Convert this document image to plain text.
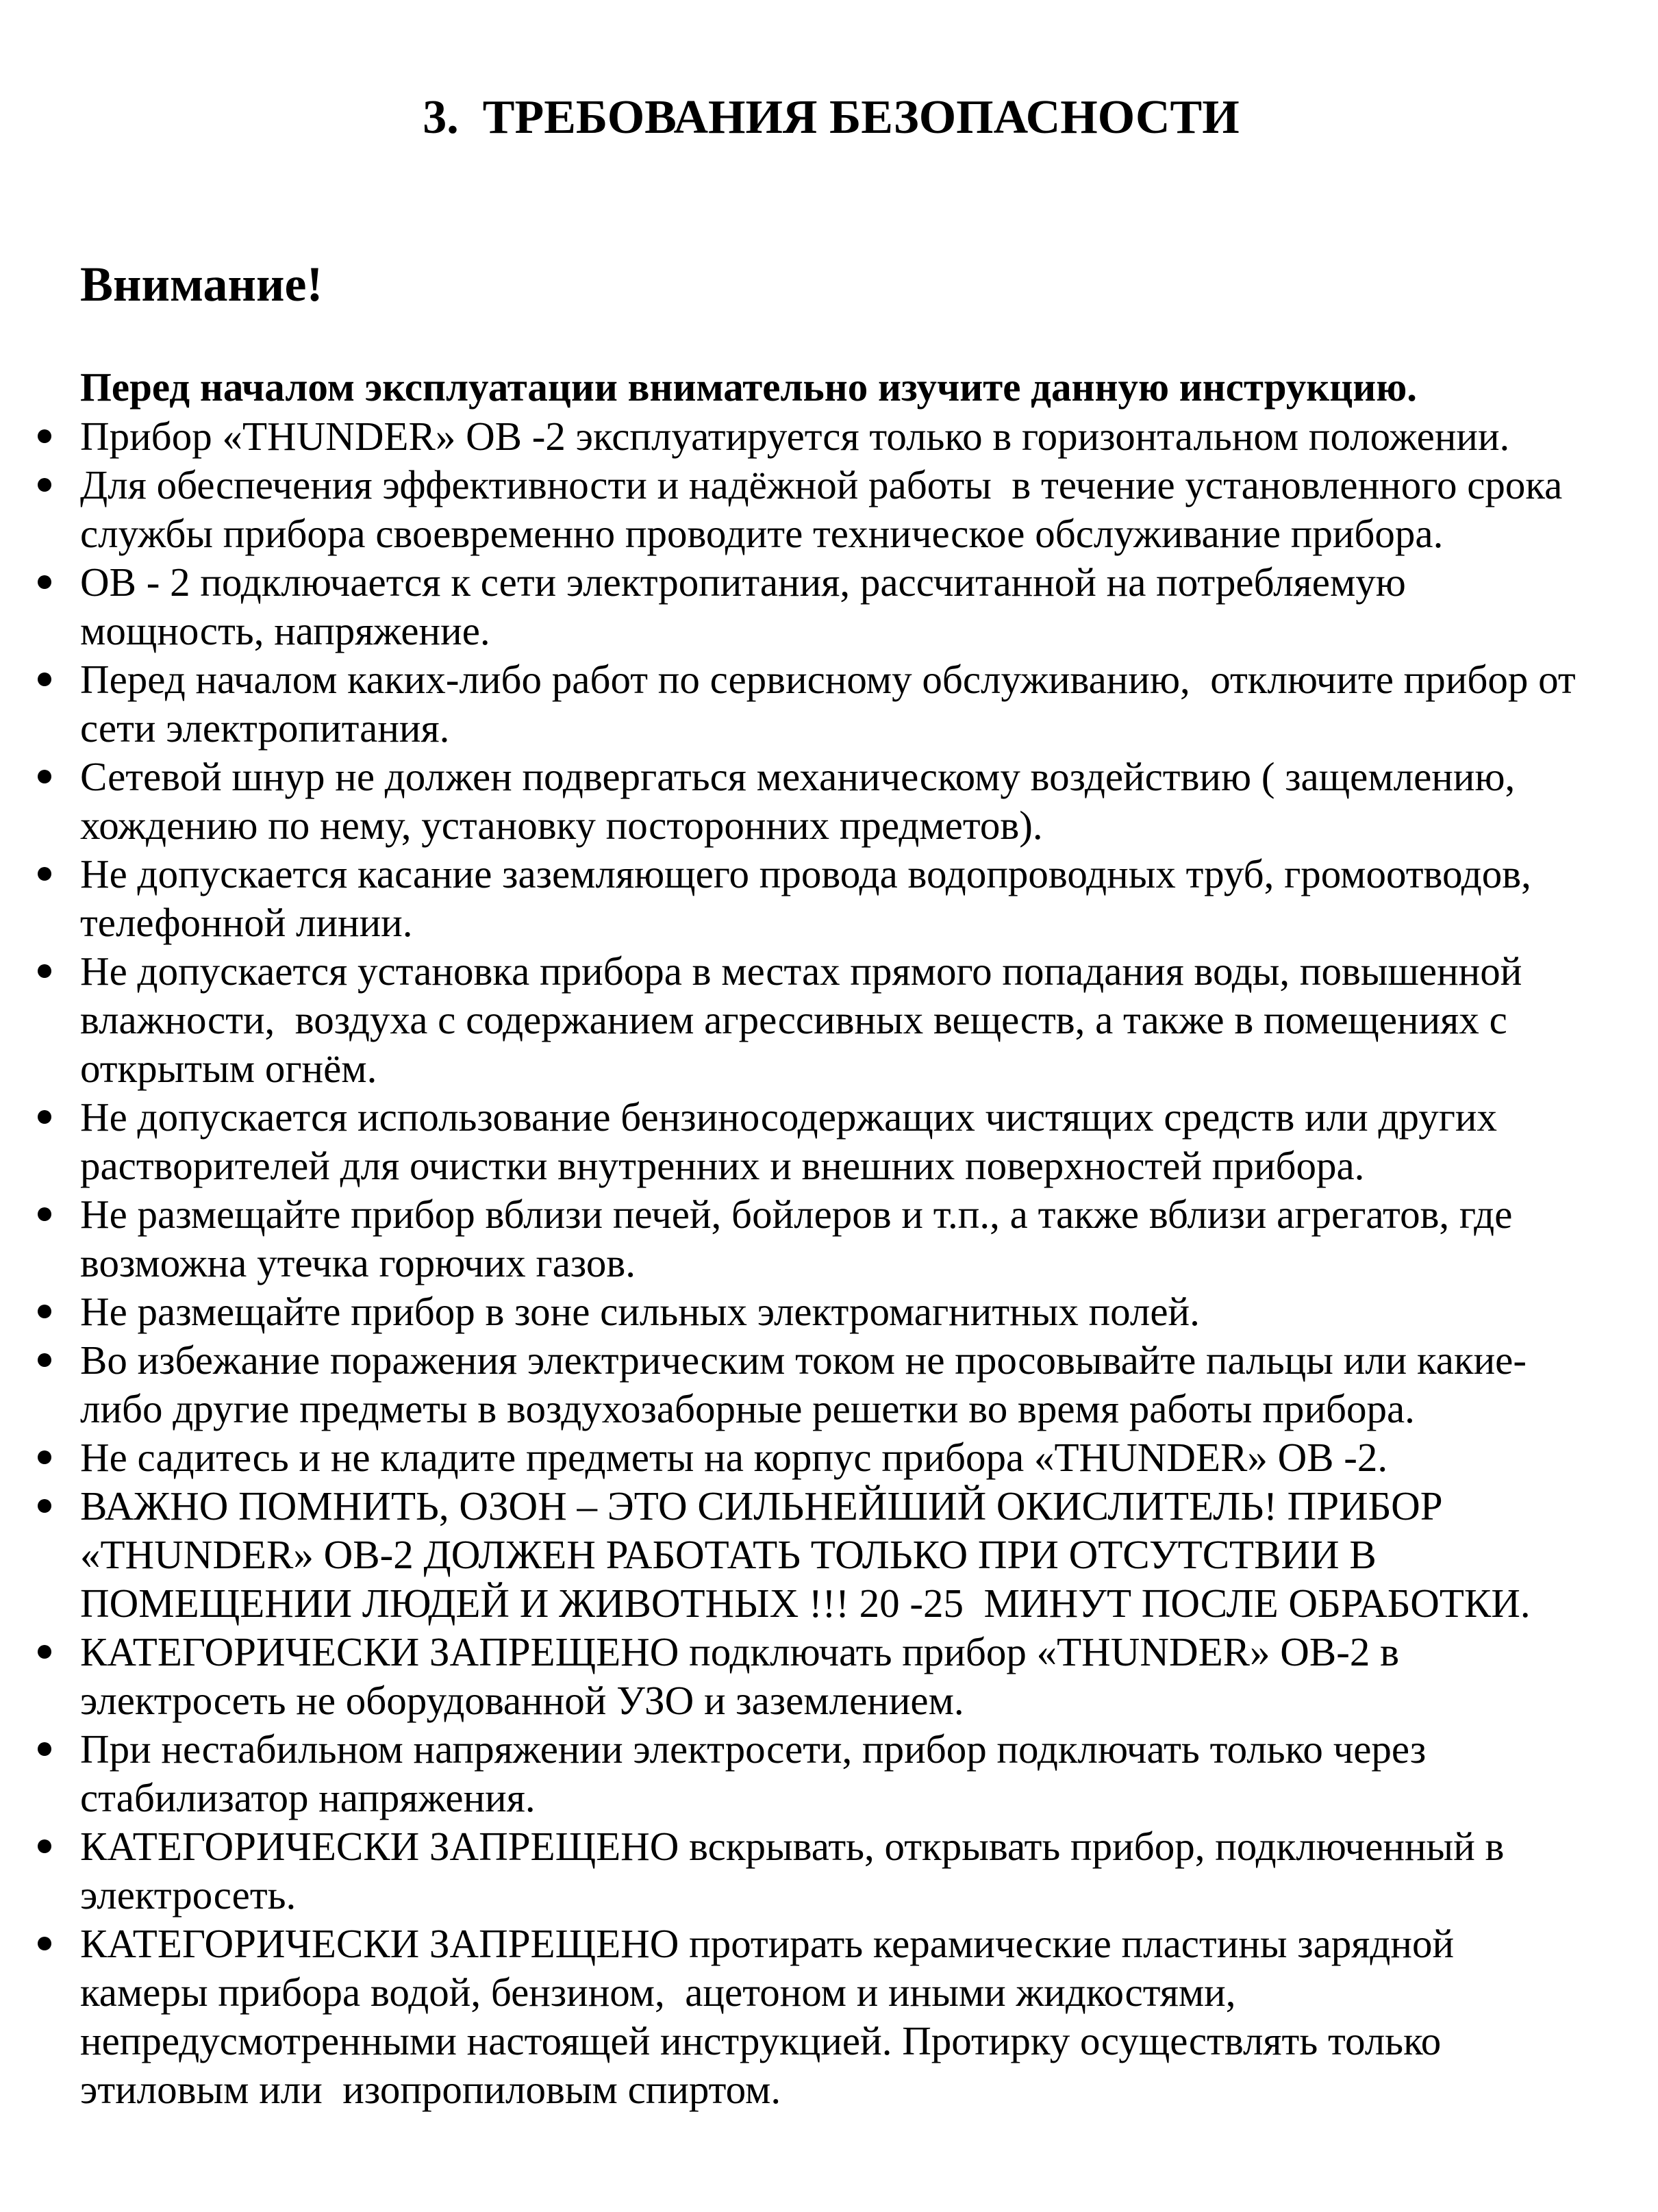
3.  ТРЕБОВАНИЯ БЕЗОПАСНОСТИ
Внимание!

Перед началом эксплуатации внимательно изучите данную инструкцию.

Прибор «THUNDER» ОВ -2 эксплуатируется только в горизонтальном положении.
Для обеспечения эффективности и надёжной работы  в течение установленного срока службы прибора своевременно проводите техническое обслуживание прибора.
ОВ - 2 подключается к сети электропитания, рассчитанной на потребляемую мощность, напряжение.
Перед началом каких-либо работ по сервисному обслуживанию,  отключите прибор от сети электропитания.
Сетевой шнур не должен подвергаться механическому воздействию ( защемлению, хождению по нему, установку посторонних предметов).
Не допускается касание заземляющего провода водопроводных труб, громоотводов, телефонной линии.
Не допускается установка прибора в местах прямого попадания воды, повышенной влажности,  воздуха с содержанием агрессивных веществ, а также в помещениях с открытым огнём.
Не допускается использование бензиносодержащих чистящих средств или других растворителей для очистки внутренних и внешних поверхностей прибора.
Не размещайте прибор вблизи печей, бойлеров и т.п., а также вблизи агрегатов, где возможна утечка горючих газов.
Не размещайте прибор в зоне сильных электромагнитных полей.
Во избежание поражения электрическим током не просовывайте пальцы или какие-либо другие предметы в воздухозаборные решетки во время работы прибора.
Не садитесь и не кладите предметы на корпус прибора «THUNDER» ОВ -2.
ВАЖНО ПОМНИТЬ, ОЗОН – ЭТО СИЛЬНЕЙШИЙ ОКИСЛИТЕЛЬ! ПРИБОР «THUNDER» ОВ-2 ДОЛЖЕН РАБОТАТЬ ТОЛЬКО ПРИ ОТСУТСТВИИ В ПОМЕЩЕНИИ ЛЮДЕЙ И ЖИВОТНЫХ !!! 20 -25  МИНУТ ПОСЛЕ ОБРАБОТКИ.
КАТЕГОРИЧЕСКИ ЗАПРЕЩЕНО подключать прибор «THUNDER» ОВ-2 в электросеть не оборудованной УЗО и заземлением.
При нестабильном напряжении электросети, прибор подключать только через стабилизатор напряжения.
КАТЕГОРИЧЕСКИ ЗАПРЕЩЕНО вскрывать, открывать прибор, подключенный в электросеть.
КАТЕГОРИЧЕСКИ ЗАПРЕЩЕНО протирать керамические пластины зарядной камеры прибора водой, бензином,  ацетоном и иными жидкостями, непредусмотренными настоящей инструкцией. Протирку осуществлять только этиловым или  изопропиловым спиртом.
